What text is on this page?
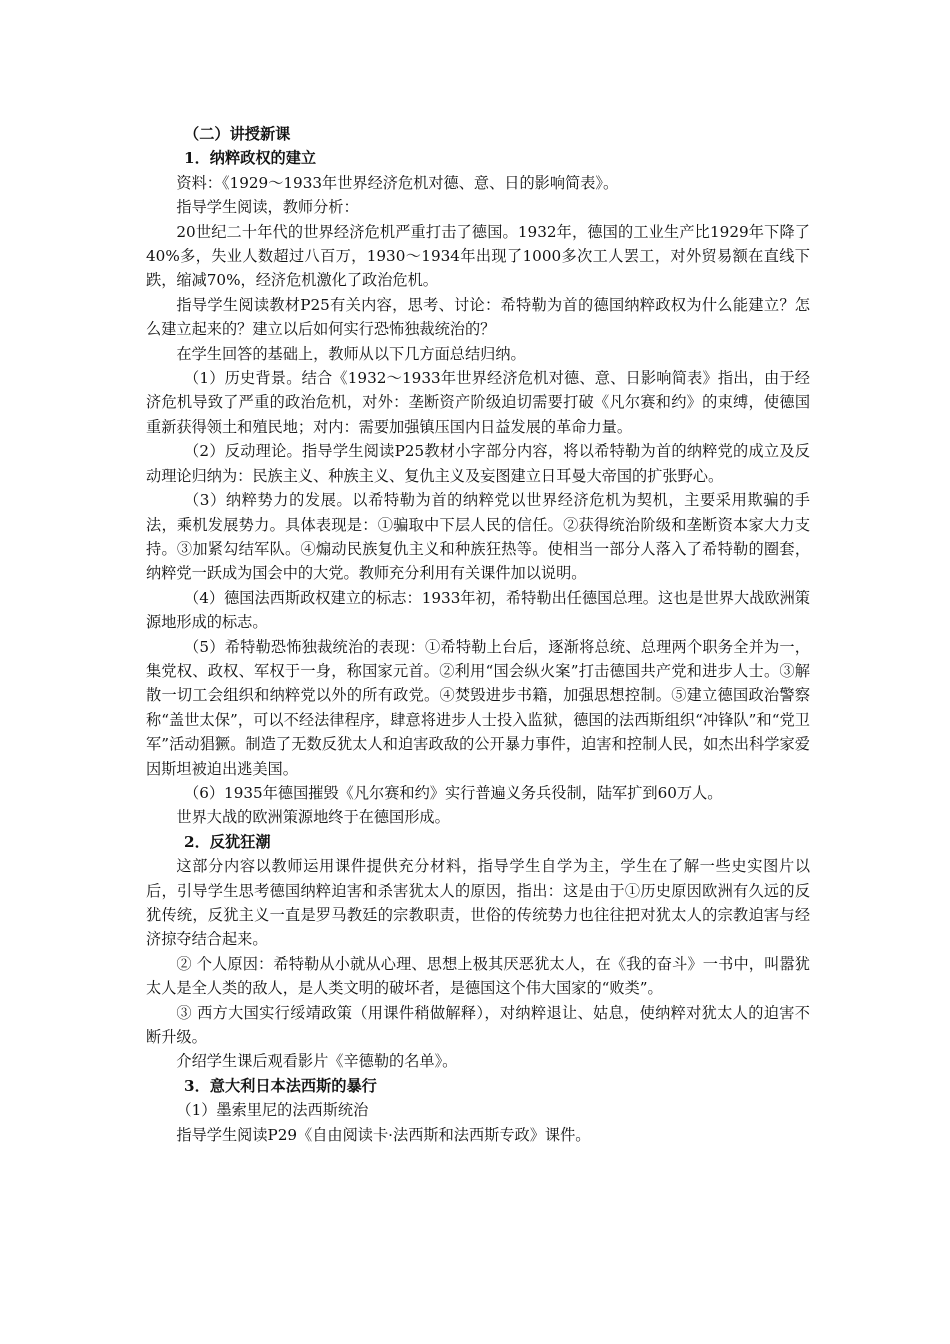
（二）讲授新课

1．纳粹政权的建立

资料：《1929～1933年世界经济危机对德、意、日的影响简表》。

指导学生阅读，教师分析：

20世纪二十年代的世界经济危机严重打击了德国。1932年，德国的工业生产比1929年下降了40%多，失业人数超过八百万，1930～1934年出现了1000多次工人罢工，对外贸易额在直线下跌，缩减70%，经济危机激化了政治危机。

指导学生阅读教材P25有关内容，思考、讨论：希特勒为首的德国纳粹政权为什么能建立？怎么建立起来的？建立以后如何实行恐怖独裁统治的？

在学生回答的基础上，教师从以下几方面总结归纳。

（1）历史背景。结合《1932～1933年世界经济危机对德、意、日影响简表》指出，由于经济危机导致了严重的政治危机，对外：垄断资产阶级迫切需要打破《凡尔赛和约》的束缚，使德国重新获得领土和殖民地；对内：需要加强镇压国内日益发展的革命力量。

（2）反动理论。指导学生阅读P25教材小字部分内容，将以希特勒为首的纳粹党的成立及反动理论归纳为：民族主义、种族主义、复仇主义及妄图建立日耳曼大帝国的扩张野心。

（3）纳粹势力的发展。以希特勒为首的纳粹党以世界经济危机为契机，主要采用欺骗的手法，乘机发展势力。具体表现是：①骗取中下层人民的信任。②获得统治阶级和垄断资本家大力支持。③加紧勾结军队。④煽动民族复仇主义和种族狂热等。使相当一部分人落入了希特勒的圈套，纳粹党一跃成为国会中的大党。教师充分利用有关课件加以说明。

（4）德国法西斯政权建立的标志：1933年初，希特勒出任德国总理。这也是世界大战欧洲策源地形成的标志。

（5）希特勒恐怖独裁统治的表现：①希特勒上台后，逐渐将总统、总理两个职务全并为一，集党权、政权、军权于一身，称国家元首。②利用“国会纵火案”打击德国共产党和进步人士。③解散一切工会组织和纳粹党以外的所有政党。④焚毁进步书籍，加强思想控制。⑤建立德国政治警察称“盖世太保”，可以不经法律程序，肆意将进步人士投入监狱，德国的法西斯组织“冲锋队”和“党卫军”活动猖獗。制造了无数反犹太人和迫害政敌的公开暴力事件，迫害和控制人民，如杰出科学家爱因斯坦被迫出逃美国。

（6）1935年德国摧毁《凡尔赛和约》实行普遍义务兵役制，陆军扩到60万人。

世界大战的欧洲策源地终于在德国形成。

2．反犹狂潮

这部分内容以教师运用课件提供充分材料，指导学生自学为主，学生在了解一些史实图片以后，引导学生思考德国纳粹迫害和杀害犹太人的原因，指出：这是由于①历史原因欧洲有久远的反犹传统，反犹主义一直是罗马教廷的宗教职责，世俗的传统势力也往往把对犹太人的宗教迫害与经济掠夺结合起来。

② 个人原因：希特勒从小就从心理、思想上极其厌恶犹太人，在《我的奋斗》一书中，叫嚣犹太人是全人类的敌人，是人类文明的破坏者，是德国这个伟大国家的“败类”。

③ 西方大国实行绥靖政策（用课件稍做解释），对纳粹退让、姑息，使纳粹对犹太人的迫害不断升级。

介绍学生课后观看影片《辛德勒的名单》。

3．意大利日本法西斯的暴行

（1）墨索里尼的法西斯统治

指导学生阅读P29《自由阅读卡·法西斯和法西斯专政》课件。
